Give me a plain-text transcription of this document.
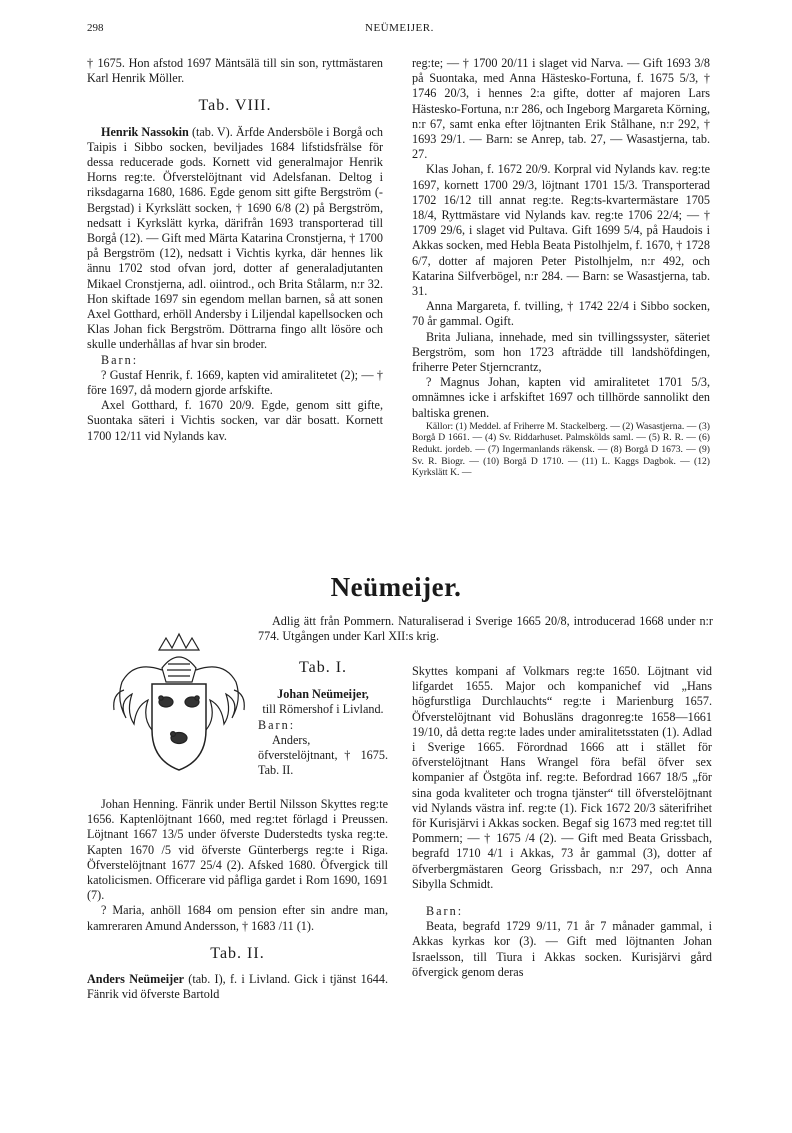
298	NEÜMEIJER.

† 1675. Hon afstod 1697 Mäntsälä till sin son, ryttmästaren Karl Henrik Möller.

Tab. VIII.

Henrik Nassokin (tab. V). Ärfde Andersböle i Borgå och Taipis i Sibbo socken, beviljades 1684 lifstidsfrälse för dessa reducerade gods. Kornett vid generalmajor Henrik Horns reg:te. Öfverstelöjtnant vid Adelsfanan. Deltog i riksdagarna 1680, 1686. Egde genom sitt gifte Bergström (-Bergstad) i Kyrkslätt socken, † 1690 6/8 (2) på Bergström, nedsatt i Kyrkslätt kyrka, därifrån 1693 transporterad till Borgå (12). — Gift med Märta Katarina Cronstjerna, † 1700 på Bergström (12), nedsatt i Vichtis kyrka, där hennes lik ännu 1702 stod ofvan jord, dotter af generaladjutanten Mikael Cronstjerna, adl. oiintrod., och Brita Stålarm, n:r 32. Hon skiftade 1697 sin egendom mellan barnen, så att sonen Axel Gotthard, erhöll Andersby i Liljendal kapellsocken och Klas Johan fick Bergström. Döttrarna fingo allt lösöre och skulle underhållas af hvar sin broder.

Barn:

? Gustaf Henrik, f. 1669, kapten vid amiralitetet (2); — † före 1697, då modern gjorde arfskifte.

Axel Gotthard, f. 1670 20/9. Egde, genom sitt gifte, Suontaka säteri i Vichtis socken, var där bosatt. Kornett 1700 12/11 vid Nylands kav.

reg:te; — † 1700 20/11 i slaget vid Narva. — Gift 1693 3/8 på Suontaka, med Anna Hästesko-Fortuna, f. 1675 5/3, † 1746 20/3, i hennes 2:a gifte, dotter af majoren Lars Hästesko-Fortuna, n:r 286, och Ingeborg Margareta Körning, n:r 67, samt enka efter löjtnanten Erik Stålhane, n:r 292, † 1693 29/1. — Barn: se Anrep, tab. 27, — Wasastjerna, tab. 27.

Klas Johan, f. 1672 20/9. Korpral vid Nylands kav. reg:te 1697, kornett 1700 29/3, löjtnant 1701 15/3. Transporterad 1702 16/12 till annat reg:te. Reg:ts-kvartermästare 1705 18/4, Ryttmästare vid Nylands kav. reg:te 1706 22/4; — † 1709 29/6, i slaget vid Pultava. Gift 1699 5/4, på Haudois i Akkas socken, med Hebla Beata Pistolhjelm, f. 1670, † 1728 6/7, dotter af majoren Peter Pistolhjelm, n:r 492, och Katarina Silfverbögel, n:r 284. — Barn: se Wasastjerna, tab. 31.

Anna Margareta, f. tvilling, † 1742 22/4 i Sibbo socken, 70 år gammal. Ogift.

Brita Juliana, innehade, med sin tvillingssyster, säteriet Bergström, som hon 1723 afträdde till landshöfdingen, friherre Peter Stjerncrantz,

? Magnus Johan, kapten vid amiralitetet 1701 5/3, omnämnes icke i arfskiftet 1697 och tillhörde sannolikt den baltiska grenen.

Källor: (1) Meddel. af Friherre M. Stackelberg. — (2) Wasastjerna. — (3) Borgå D 1661. — (4) Sv. Riddarhuset. Palmskölds saml. — (5) R. R. — (6) Redukt. jordeb. — (7) Ingermanlands räkensk. — (8) Borgå D 1673. — (9) Sv. R. Biogr. — (10) Borgå D 1710. — (11) L. Kaggs Dagbok. — (12) Kyrkslätt K. —

Neümeijer.

Adlig ätt från Pommern. Naturaliserad i Sverige 1665 20/8, introducerad 1668 under n:r 774. Utgången under Karl XII:s krig.

Tab. I.

Johan Neümeijer,
till Römershof i Livland.

Barn:

Anders, öfverstelöjtnant, † 1675. Tab. II.

Johan Henning. Fänrik under Bertil Nilsson Skyttes reg:te 1656. Kaptenlöjtnant 1660, med reg:tet förlagd i Preussen. Löjtnant 1667 13/5 under öfverste Duderstedts tyska reg:te. Kapten 1670 /5 vid öfverste Günterbergs reg:te i Riga. Öfverstelöjtnant 1677 25/4 (2). Afsked 1680. Öfvergick till katolicismen. Officerare vid påfliga gardet i Rom 1690, 1691 (7).

? Maria, anhöll 1684 om pension efter sin andre man, kamreraren Amund Andersson, † 1683 /11 (1).

Tab. II.

Anders Neümeijer (tab. I), f. i Livland. Gick i tjänst 1644. Fänrik vid öfverste Bartold

Skyttes kompani af Volkmars reg:te 1650. Löjtnant vid lifgardet 1655. Major och kompanichef vid „Hans högfurstliga Durchlauchts“ reg:te i Marienburg 1657. Öfverstelöjtnant vid Bohusläns dragonreg:te 1658—1661 19/10, då detta reg:te lades under amiralitetsstaten (1). Adlad i Sverige 1665. Förordnad 1666 att i stället för öfverstelöjtnant Hans Wrangel föra befäl öfver sex kompanier af Östgöta inf. reg:te. Befordrad 1667 18/5 „för sina goda kvaliteter och trogna tjänster“ till öfverstelöjtnant vid Nylands västra inf. reg:te (1). Fick 1672 20/3 säterifrihet för Kurisjärvi i Akkas socken. Begaf sig 1673 med reg:tet till Pommern; — † 1675 /4 (2). — Gift med Beata Grissbach, begrafd 1710 4/1 i Akkas, 73 år gammal (3), dotter af öfverbergmästaren Georg Grissbach, n:r 297, och Anna Sibylla Schmidt.

Barn:

Beata, begrafd 1729 9/11, 71 år 7 månader gammal, i Akkas kyrkas kor (3). — Gift med löjtnanten Johan Israelsson, till Tiura i Akkas socken. Kurisjärvi gård öfvergick genom deras
